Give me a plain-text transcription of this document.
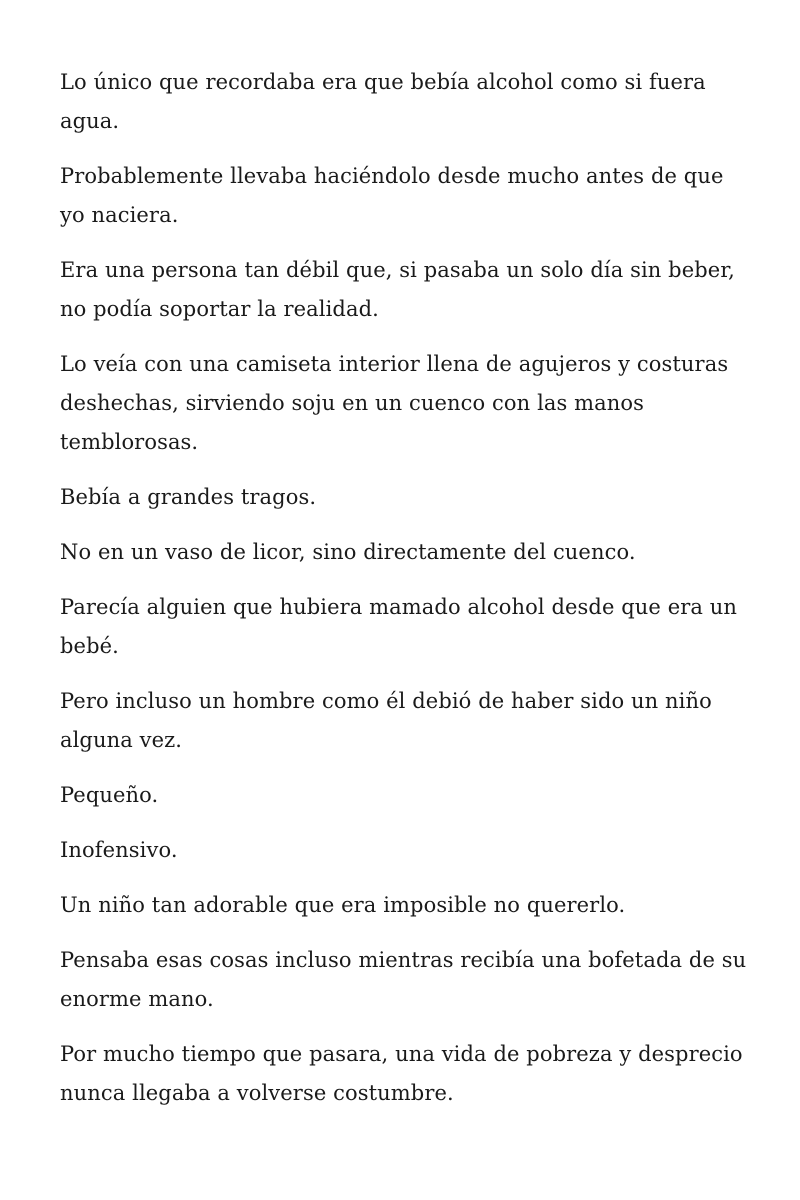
Lo único que recordaba era que bebía alcohol como si fuera agua.

Probablemente llevaba haciéndolo desde mucho antes de que yo naciera.

Era una persona tan débil que, si pasaba un solo día sin beber, no podía soportar la realidad.

Lo veía con una camiseta interior llena de agujeros y costuras deshechas, sirviendo soju en un cuenco con las manos temblorosas.

Bebía a grandes tragos.

No en un vaso de licor, sino directamente del cuenco.

Parecía alguien que hubiera mamado alcohol desde que era un bebé.

Pero incluso un hombre como él debió de haber sido un niño alguna vez.

Pequeño.

Inofensivo.

Un niño tan adorable que era imposible no quererlo.

Pensaba esas cosas incluso mientras recibía una bofetada de su enorme mano.

Por mucho tiempo que pasara, una vida de pobreza y desprecio nunca llegaba a volverse costumbre.
